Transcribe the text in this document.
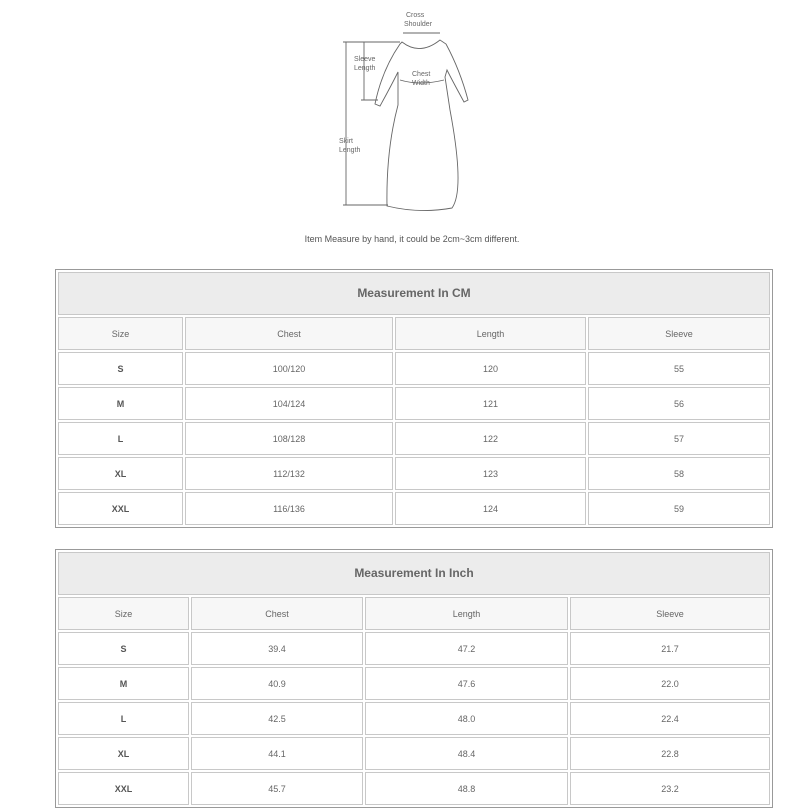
Cross
Shoulder
Sleeve
Length
Chest
Width
Skirt
Length
Item Measure by hand, it could be 2cm~3cm different.
Measurement In CM
Size	Chest	Length	Sleeve
S	100/120	120	55
M	104/124	121	56
L	108/128	122	57
XL	112/132	123	58
XXL	116/136	124	59
Measurement In Inch
Size	Chest	Length	Sleeve
S	39.4	47.2	21.7
M	40.9	47.6	22.0
L	42.5	48.0	22.4
XL	44.1	48.4	22.8
XXL	45.7	48.8	23.2
